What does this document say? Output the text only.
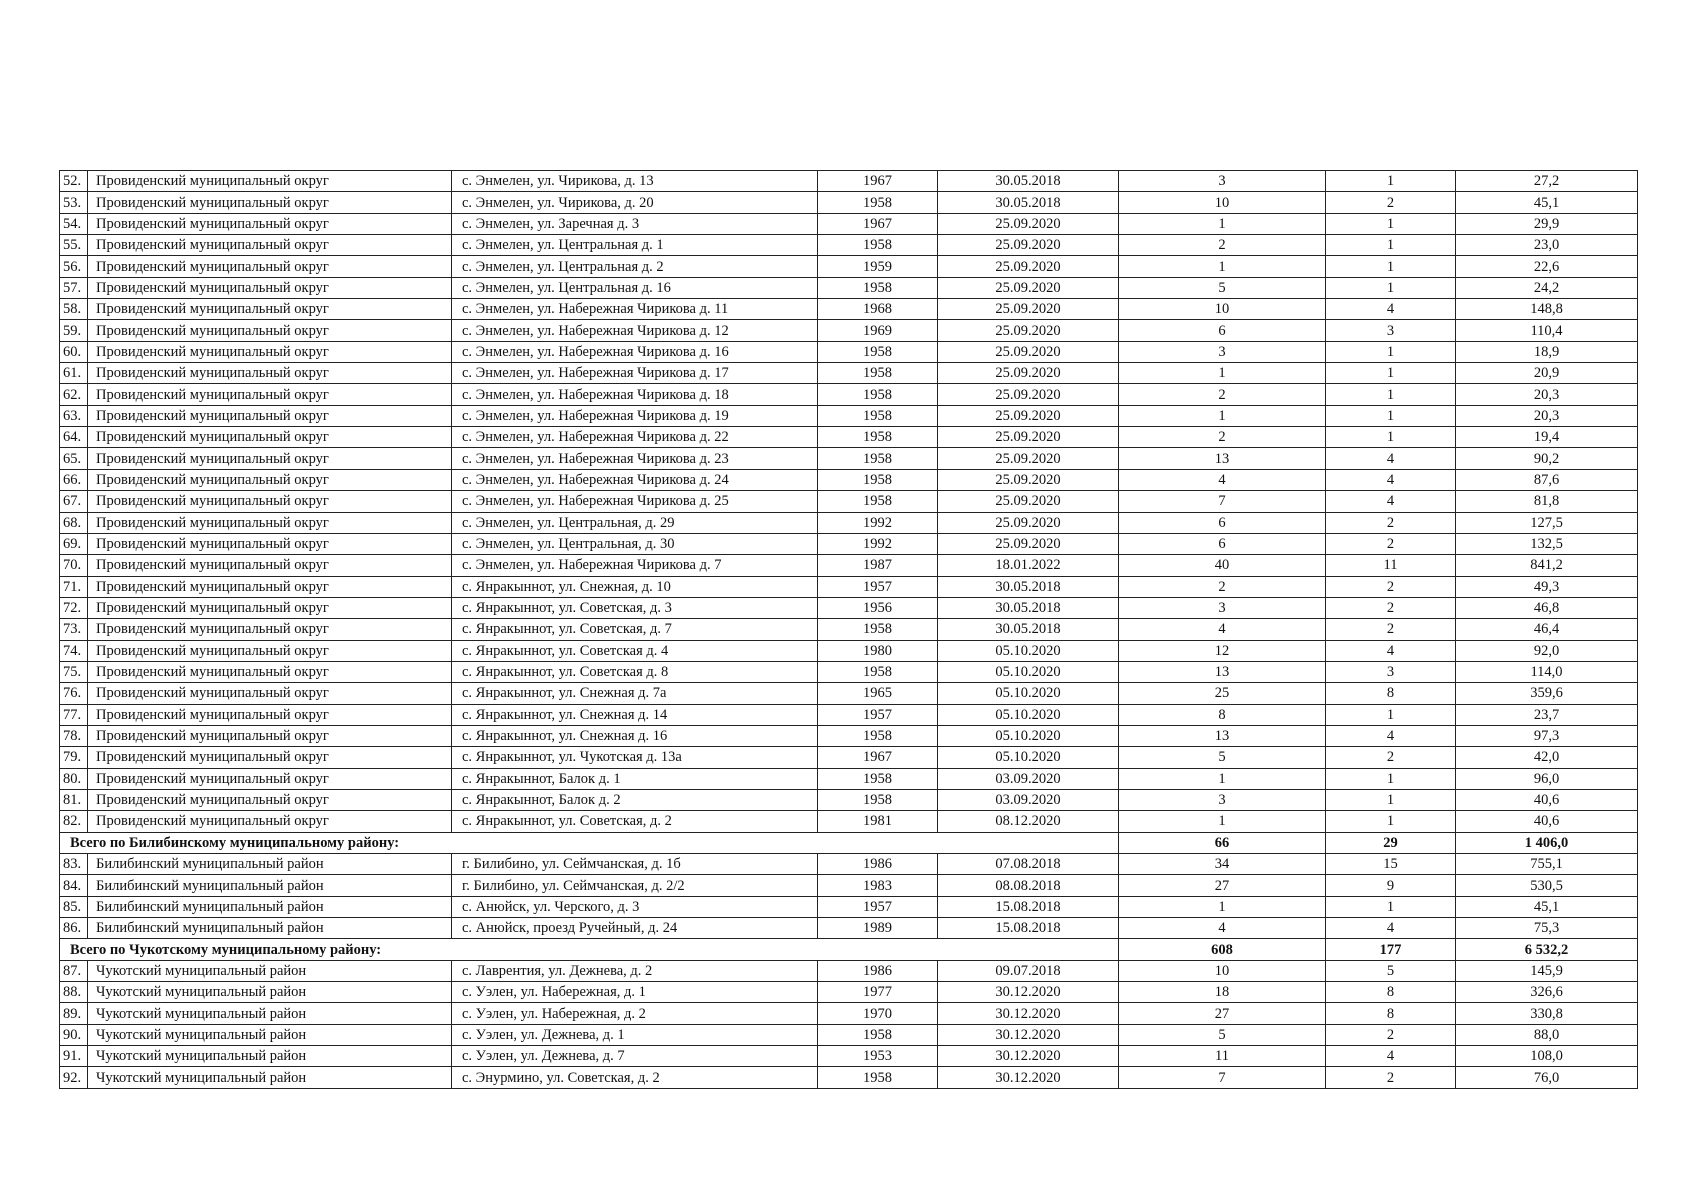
52.	Провиденский муниципальный округ	с. Энмелен, ул. Чирикова, д. 13	1967	30.05.2018	3	1	27,2
53.	Провиденский муниципальный округ	с. Энмелен, ул. Чирикова, д. 20	1958	30.05.2018	10	2	45,1
54.	Провиденский муниципальный округ	с. Энмелен, ул. Заречная д. 3	1967	25.09.2020	1	1	29,9
55.	Провиденский муниципальный округ	с. Энмелен, ул. Центральная д. 1	1958	25.09.2020	2	1	23,0
56.	Провиденский муниципальный округ	с. Энмелен, ул. Центральная д. 2	1959	25.09.2020	1	1	22,6
57.	Провиденский муниципальный округ	с. Энмелен, ул. Центральная д. 16	1958	25.09.2020	5	1	24,2
58.	Провиденский муниципальный округ	с. Энмелен, ул. Набережная Чирикова д. 11	1968	25.09.2020	10	4	148,8
59.	Провиденский муниципальный округ	с. Энмелен, ул. Набережная Чирикова д. 12	1969	25.09.2020	6	3	110,4
60.	Провиденский муниципальный округ	с. Энмелен, ул. Набережная Чирикова д. 16	1958	25.09.2020	3	1	18,9
61.	Провиденский муниципальный округ	с. Энмелен, ул. Набережная Чирикова д. 17	1958	25.09.2020	1	1	20,9
62.	Провиденский муниципальный округ	с. Энмелен, ул. Набережная Чирикова д. 18	1958	25.09.2020	2	1	20,3
63.	Провиденский муниципальный округ	с. Энмелен, ул. Набережная Чирикова д. 19	1958	25.09.2020	1	1	20,3
64.	Провиденский муниципальный округ	с. Энмелен, ул. Набережная Чирикова д. 22	1958	25.09.2020	2	1	19,4
65.	Провиденский муниципальный округ	с. Энмелен, ул. Набережная Чирикова д. 23	1958	25.09.2020	13	4	90,2
66.	Провиденский муниципальный округ	с. Энмелен, ул. Набережная Чирикова д. 24	1958	25.09.2020	4	4	87,6
67.	Провиденский муниципальный округ	с. Энмелен, ул. Набережная Чирикова д. 25	1958	25.09.2020	7	4	81,8
68.	Провиденский муниципальный округ	с. Энмелен, ул. Центральная, д. 29	1992	25.09.2020	6	2	127,5
69.	Провиденский муниципальный округ	с. Энмелен, ул. Центральная, д. 30	1992	25.09.2020	6	2	132,5
70.	Провиденский муниципальный округ	с. Энмелен, ул. Набережная Чирикова д. 7	1987	18.01.2022	40	11	841,2
71.	Провиденский муниципальный округ	с. Янракыннот, ул. Снежная, д. 10	1957	30.05.2018	2	2	49,3
72.	Провиденский муниципальный округ	с. Янракыннот, ул. Советская, д. 3	1956	30.05.2018	3	2	46,8
73.	Провиденский муниципальный округ	с. Янракыннот, ул. Советская, д. 7	1958	30.05.2018	4	2	46,4
74.	Провиденский муниципальный округ	с. Янракыннот, ул. Советская д. 4	1980	05.10.2020	12	4	92,0
75.	Провиденский муниципальный округ	с. Янракыннот, ул. Советская д. 8	1958	05.10.2020	13	3	114,0
76.	Провиденский муниципальный округ	с. Янракыннот, ул. Снежная д. 7а	1965	05.10.2020	25	8	359,6
77.	Провиденский муниципальный округ	с. Янракыннот, ул. Снежная д. 14	1957	05.10.2020	8	1	23,7
78.	Провиденский муниципальный округ	с. Янракыннот, ул. Снежная д. 16	1958	05.10.2020	13	4	97,3
79.	Провиденский муниципальный округ	с. Янракыннот, ул. Чукотская д. 13а	1967	05.10.2020	5	2	42,0
80.	Провиденский муниципальный округ	с. Янракыннот, Балок д. 1	1958	03.09.2020	1	1	96,0
81.	Провиденский муниципальный округ	с. Янракыннот, Балок д. 2	1958	03.09.2020	3	1	40,6
82.	Провиденский муниципальный округ	с. Янракыннот, ул. Советская, д. 2	1981	08.12.2020	1	1	40,6
Всего по Билибинскому муниципальному району:					66	29	1 406,0
83.	Билибинский муниципальный район	г. Билибино, ул. Сеймчанская, д. 1б	1986	07.08.2018	34	15	755,1
84.	Билибинский муниципальный район	г. Билибино, ул. Сеймчанская, д. 2/2	1983	08.08.2018	27	9	530,5
85.	Билибинский муниципальный район	с. Анюйск, ул. Черского, д. 3	1957	15.08.2018	1	1	45,1
86.	Билибинский муниципальный район	с. Анюйск, проезд Ручейный, д. 24	1989	15.08.2018	4	4	75,3
Всего по Чукотскому муниципальному району:					608	177	6 532,2
87.	Чукотский муниципальный район	с. Лаврентия, ул. Дежнева, д. 2	1986	09.07.2018	10	5	145,9
88.	Чукотский муниципальный район	с. Уэлен, ул. Набережная, д. 1	1977	30.12.2020	18	8	326,6
89.	Чукотский муниципальный район	с. Уэлен, ул. Набережная, д. 2	1970	30.12.2020	27	8	330,8
90.	Чукотский муниципальный район	с. Уэлен, ул. Дежнева, д. 1	1958	30.12.2020	5	2	88,0
91.	Чукотский муниципальный район	с. Уэлен, ул. Дежнева, д. 7	1953	30.12.2020	11	4	108,0
92.	Чукотский муниципальный район	с. Энурмино, ул. Советская, д. 2	1958	30.12.2020	7	2	76,0
